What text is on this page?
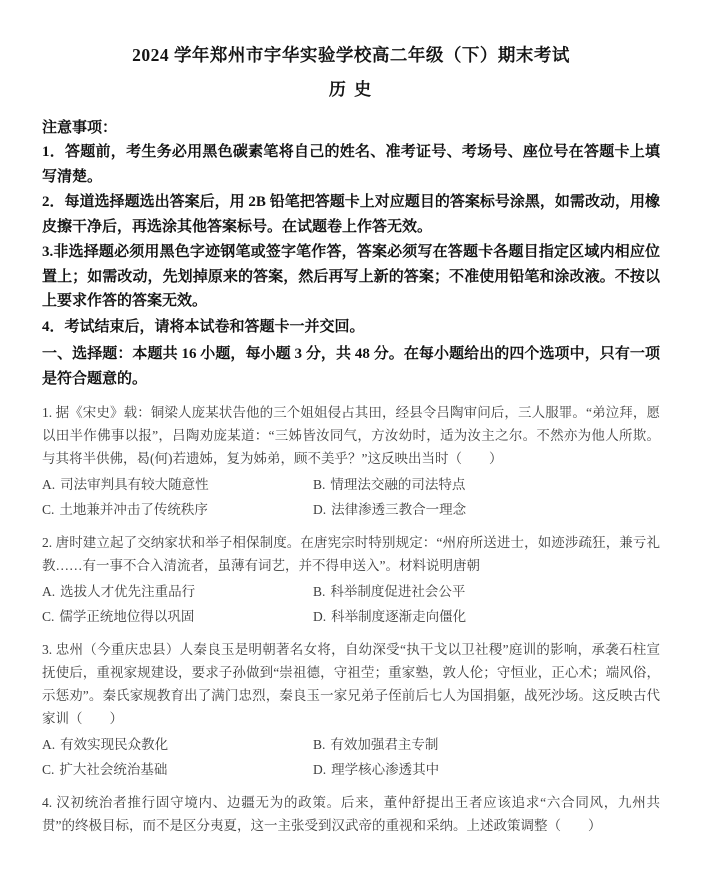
2024 学年郑州市宇华实验学校高二年级（下）期末考试
历 史

注意事项：

1．答题前，考生务必用黑色碳素笔将自己的姓名、准考证号、考场号、座位号在答题卡上填写清楚。

2．每道选择题选出答案后，用 2B 铅笔把答题卡上对应题目的答案标号涂黑，如需改动，用橡皮擦干净后，再选涂其他答案标号。在试题卷上作答无效。

3.非选择题必须用黑色字迹钢笔或签字笔作答，答案必须写在答题卡各题目指定区域内相应位置上；如需改动，先划掉原来的答案，然后再写上新的答案；不准使用铅笔和涂改液。不按以上要求作答的答案无效。

4．考试结束后，请将本试卷和答题卡一并交回。

一、选择题：本题共 16 小题，每小题 3 分，共 48 分。在每小题给出的四个选项中，只有一项是符合题意的。

1. 据《宋史》载：铜梁人庞某状告他的三个姐姐侵占其田，经县令吕陶审问后，三人服罪。“弟泣拜，愿以田半作佛事以报”，吕陶劝庞某道：“三姊皆汝同气，方汝幼时，适为汝主之尔。不然亦为他人所欺。与其将半供佛，曷(何)若遗姊，复为姊弟，顾不美乎？”这反映出当时（　　）

A. 司法审判具有较大随意性	B. 情理法交融的司法特点
C. 土地兼并冲击了传统秩序	D. 法律渗透三教合一理念

2. 唐时建立起了交纳家状和举子相保制度。在唐宪宗时特别规定：“州府所送进士，如迹涉疏狂，兼亏礼教……有一事不合入清流者，虽薄有词艺，并不得申送入”。材料说明唐朝

A. 选拔人才优先注重品行	B. 科举制度促进社会公平
C. 儒学正统地位得以巩固	D. 科举制度逐渐走向僵化

3. 忠州（今重庆忠县）人秦良玉是明朝著名女将，自幼深受“执干戈以卫社稷”庭训的影响，承袭石柱宣抚使后，重视家规建设，要求子孙做到“崇祖德，守祖茔；重家塾，敦人伦；守恒业，正心术；端风俗，示惩劝”。秦氏家规教育出了满门忠烈，秦良玉一家兄弟子侄前后七人为国捐躯，战死沙场。这反映古代家训（　　）

A. 有效实现民众教化	B. 有效加强君主专制
C. 扩大社会统治基础	D. 理学核心渗透其中

4. 汉初统治者推行固守境内、边疆无为的政策。后来，董仲舒提出王者应该追求“六合同风，九州共贯”的终极目标，而不是区分夷夏，这一主张受到汉武帝的重视和采纳。上述政策调整（　　）
